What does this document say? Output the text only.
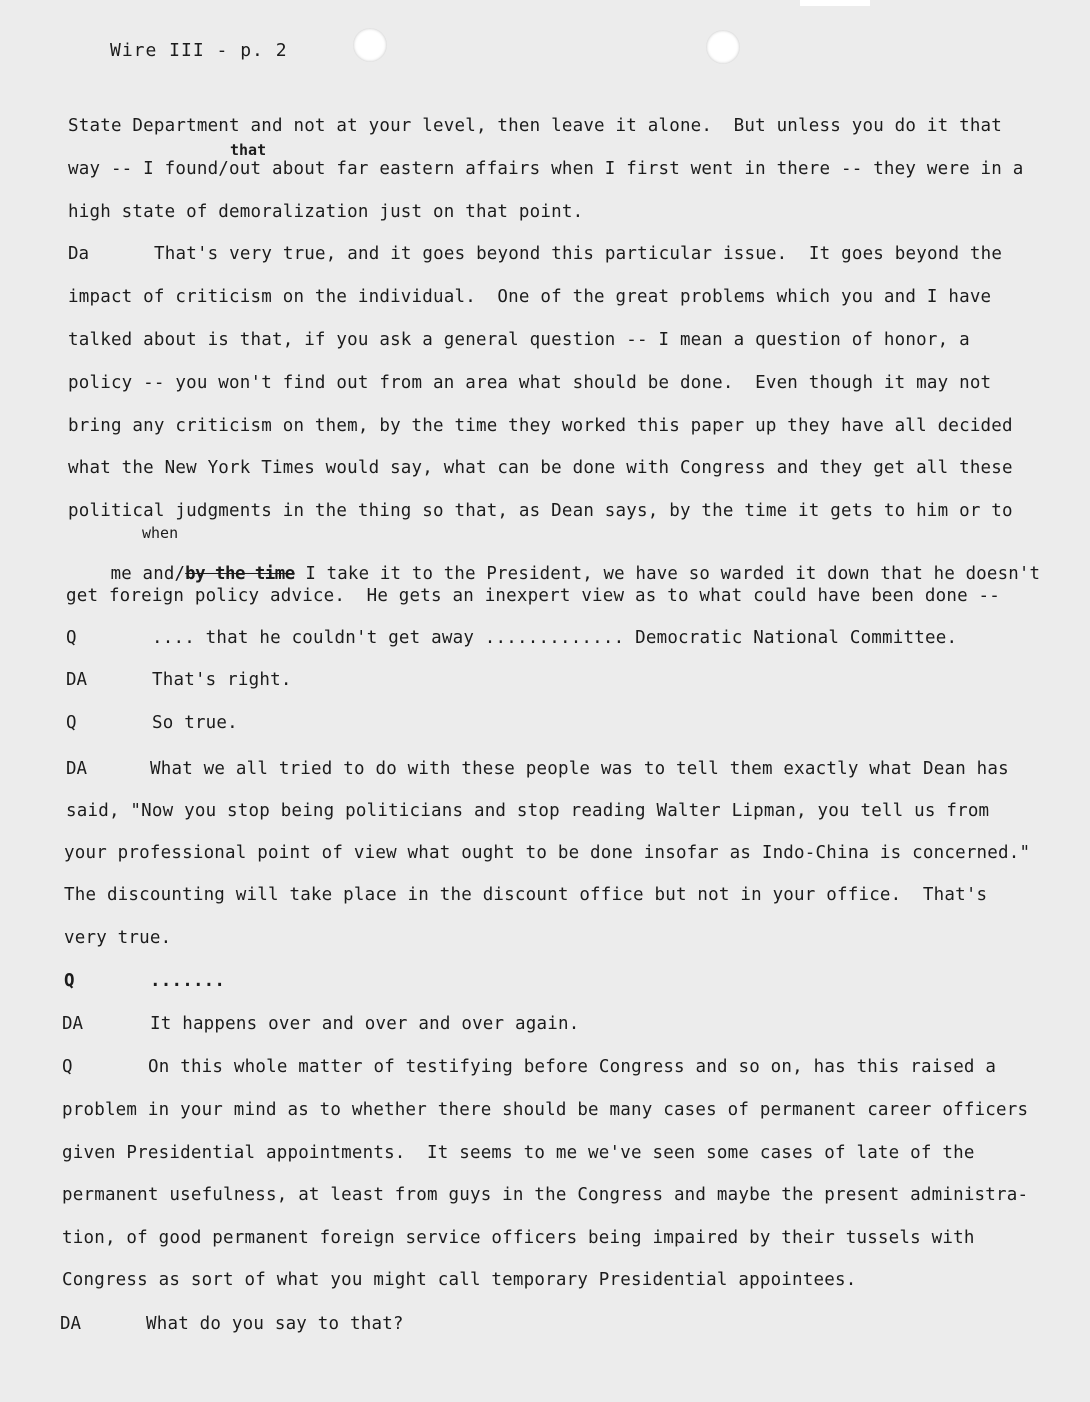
Wire III - p. 2
State Department and not at your level, then leave it alone.  But unless you do it that
that
way -- I found/out about far eastern affairs when I first went in there -- they were in a
high state of demoralization just on that point.
Da	That's very true, and it goes beyond this particular issue.  It goes beyond the
impact of criticism on the individual.  One of the great problems which you and I have
talked about is that, if you ask a general question -- I mean a question of honor, a
policy -- you won't find out from an area what should be done.  Even though it may not
bring any criticism on them, by the time they worked this paper up they have all decided
what the New York Times would say, what can be done with Congress and they get all these
political judgments in the thing so that, as Dean says, by the time it gets to him or to
when

me and/by the time I take it to the President, we have so warded it down that he doesn't

get foreign policy advice.  He gets an inexpert view as to what could have been done --
Q	.... that he couldn't get away ............. Democratic National Committee.
DA	That's right.
Q	So true.
DA	What we all tried to do with these people was to tell them exactly what Dean has
said, "Now you stop being politicians and stop reading Walter Lipman, you tell us from
your professional point of view what ought to be done insofar as Indo-China is concerned."
The discounting will take place in the discount office but not in your office.  That's
very true.
Q	.......
DA	It happens over and over and over again.
Q	On this whole matter of testifying before Congress and so on, has this raised a
problem in your mind as to whether there should be many cases of permanent career officers
given Presidential appointments.  It seems to me we've seen some cases of late of the
permanent usefulness, at least from guys in the Congress and maybe the present administra-
tion, of good permanent foreign service officers being impaired by their tussels with
Congress as sort of what you might call temporary Presidential appointees.
DA	What do you say to that?
